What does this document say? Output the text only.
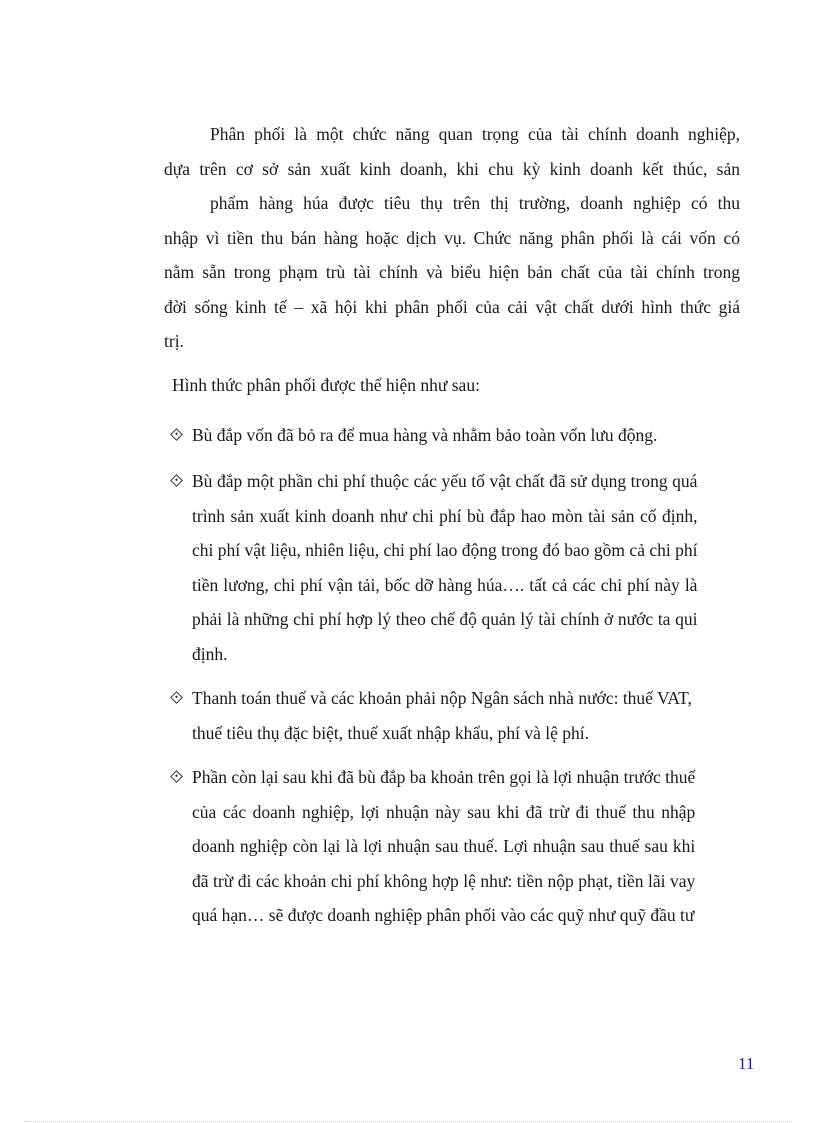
Phân phối là một chức năng quan trọng của tài chính doanh nghiệp,
dựa trên cơ sở sản xuất kinh doanh, khi chu kỳ kinh doanh kết thúc, sản
phẩm hàng húa được tiêu thụ trên thị trường, doanh nghiệp có thu
nhập vì tiền thu bán hàng hoặc dịch vụ. Chức năng phân phối là cái vốn có
nằm sẵn trong phạm trù tài chính và biểu hiện bản chất của tài chính trong
đời sống kinh tế – xã hội khi phân phối của cải vật chất dưới hình thức giá
trị.

Hình thức phân phối được thể hiện như sau:

Bù đắp vốn đã bỏ ra để mua hàng và nhằm bảo toàn vốn lưu động.
Bù đắp một phần chi phí thuộc các yếu tố vật chất đã sử dụng trong quá
trình sản xuất kinh doanh như chi phí bù đắp hao mòn tài sản cố định,
chi phí vật liệu, nhiên liệu, chi phí lao động trong đó bao gồm cả chi phí
tiền lương, chi phí vận tải, bốc dỡ hàng húa…. tất cả các chi phí này là
phải là những chi phí hợp lý theo chế độ quản lý tài chính ở nước ta qui
định.
Thanh toán thuế và các khoản phải nộp Ngân sách nhà nước: thuế VAT,
thuế tiêu thụ đặc biệt, thuế xuất nhập khẩu, phí và lệ phí.
Phần còn lại sau khi đã bù đắp ba khoản trên gọi là lợi nhuận trước thuế
của các doanh nghiệp, lợi nhuận này sau khi đã trừ đi thuế thu nhập
doanh nghiệp còn lại là lợi nhuận sau thuế. Lợi nhuận sau thuế sau khi
đã trừ đi các khoản chi phí không hợp lệ như: tiền nộp phạt, tiền lãi vay
quá hạn… sẽ được doanh nghiệp phân phối vào các quỹ như quỹ đầu tư
11
